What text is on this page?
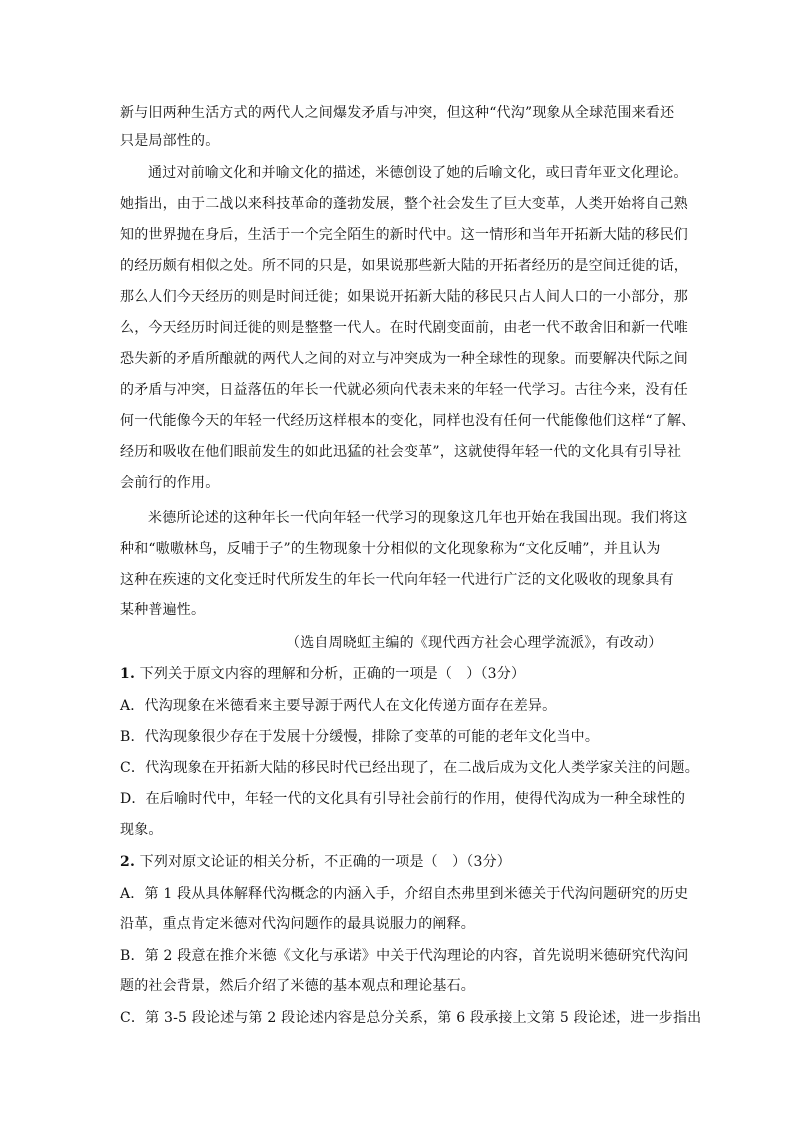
新与旧两种生活方式的两代人之间爆发矛盾与冲突，但这种“代沟”现象从全球范围来看还
只是局部性的。
通过对前喻文化和并喻文化的描述，米德创设了她的后喻文化，或曰青年亚文化理论。
她指出，由于二战以来科技革命的蓬勃发展，整个社会发生了巨大变革，人类开始将自己熟
知的世界抛在身后，生活于一个完全陌生的新时代中。这一情形和当年开拓新大陆的移民们
的经历颇有相似之处。所不同的只是，如果说那些新大陆的开拓者经历的是空间迁徙的话，
那么人们今天经历的则是时间迁徙；如果说开拓新大陆的移民只占人间人口的一小部分，那
么，今天经历时间迁徙的则是整整一代人。在时代剧变面前，由老一代不敢舍旧和新一代唯
恐失新的矛盾所酿就的两代人之间的对立与冲突成为一种全球性的现象。而要解决代际之间
的矛盾与冲突，日益落伍的年长一代就必须向代表未来的年轻一代学习。古往今来，没有任
何一代能像今天的年轻一代经历这样根本的变化，同样也没有任何一代能像他们这样“了解、
经历和吸收在他们眼前发生的如此迅猛的社会变革”，这就使得年轻一代的文化具有引导社
会前行的作用。
米德所论述的这种年长一代向年轻一代学习的现象这几年也开始在我国出现。我们将这
种和“嗷嗷林鸟，反哺于子”的生物现象十分相似的文化现象称为“文化反哺”，并且认为
这种在疾速的文化变迁时代所发生的年长一代向年轻一代进行广泛的文化吸收的现象具有
某种普遍性。
（选自周晓虹主编的《现代西方社会心理学流派》，有改动）
1. 下列关于原文内容的理解和分析，正确的一项是（　）（3分）
A．代沟现象在米德看来主要导源于两代人在文化传递方面存在差异。
B．代沟现象很少存在于发展十分缓慢，排除了变革的可能的老年文化当中。
C．代沟现象在开拓新大陆的移民时代已经出现了，在二战后成为文化人类学家关注的问题。
D．在后喻时代中，年轻一代的文化具有引导社会前行的作用，使得代沟成为一种全球性的
现象。
2. 下列对原文论证的相关分析，不正确的一项是（　）（3分）
A．第 1 段从具体解释代沟概念的内涵入手，介绍自杰弗里到米德关于代沟问题研究的历史
沿革，重点肯定米德对代沟问题作的最具说服力的阐释。
B．第 2 段意在推介米德《文化与承诺》中关于代沟理论的内容，首先说明米德研究代沟问
题的社会背景，然后介绍了米德的基本观点和理论基石。
C．第 3-5 段论述与第 2 段论述内容是总分关系，第 6 段承接上文第 5 段论述，进一步指出
